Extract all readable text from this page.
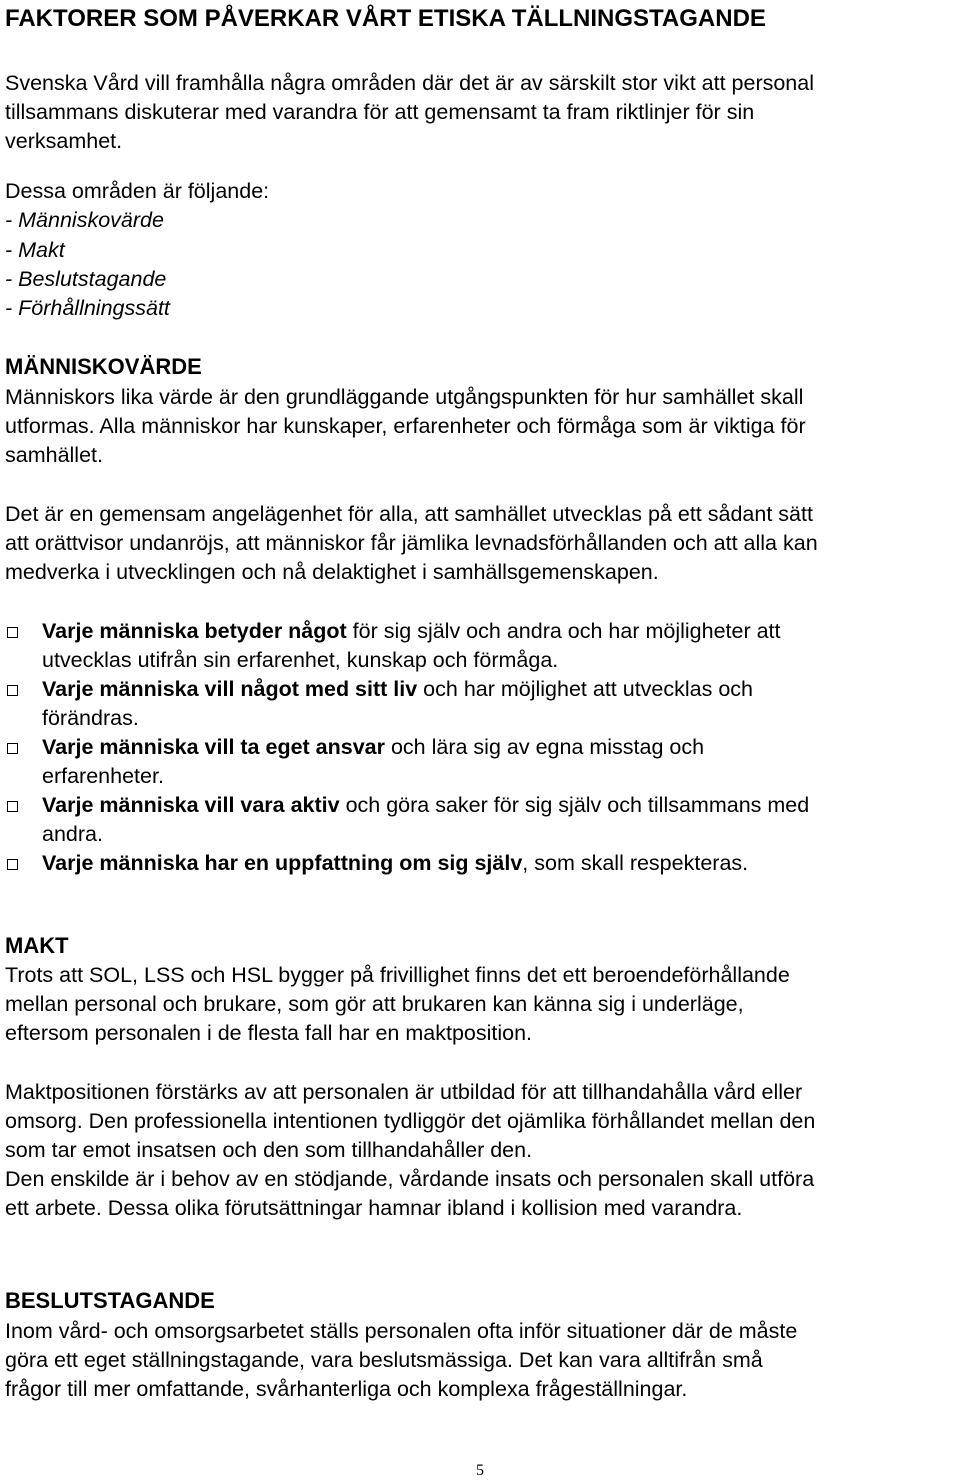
FAKTORER SOM PÅVERKAR VÅRT ETISKA TÄLLNINGSTAGANDE
Svenska Vård vill framhålla några områden där det är av särskilt stor vikt att personal
tillsammans diskuterar med varandra för att gemensamt ta fram riktlinjer för sin
verksamhet.
Dessa områden är följande:
- Människovärde
- Makt
- Beslutstagande
- Förhållningssätt
MÄNNISKOVÄRDE
Människors lika värde är den grundläggande utgångspunkten för hur samhället skall
utformas. Alla människor har kunskaper, erfarenheter och förmåga som är viktiga för
samhället.
Det är en gemensam angelägenhet för alla, att samhället utvecklas på ett sådant sätt
att orättvisor undanröjs, att människor får jämlika levnadsförhållanden och att alla kan
medverka i utvecklingen och nå delaktighet i samhällsgemenskapen.
Varje människa betyder något för sig själv och andra och har möjligheter att
utvecklas utifrån sin erfarenhet, kunskap och förmåga.
Varje människa vill något med sitt liv och har möjlighet att utvecklas och
förändras.
Varje människa vill ta eget ansvar och lära sig av egna misstag och
erfarenheter.
Varje människa vill vara aktiv och göra saker för sig själv och tillsammans med
andra.
Varje människa har en uppfattning om sig själv, som skall respekteras.
MAKT
Trots att SOL, LSS och HSL bygger på frivillighet finns det ett beroendeförhållande
mellan personal och brukare, som gör att brukaren kan känna sig i underläge,
eftersom personalen i de flesta fall har en maktposition.
Maktpositionen förstärks av att personalen är utbildad för att tillhandahålla vård eller
omsorg. Den professionella intentionen tydliggör det ojämlika förhållandet mellan den
som tar emot insatsen och den som tillhandahåller den.
Den enskilde är i behov av en stödjande, vårdande insats och personalen skall utföra
ett arbete. Dessa olika förutsättningar hamnar ibland i kollision med varandra.
BESLUTSTAGANDE
Inom vård- och omsorgsarbetet ställs personalen ofta inför situationer där de måste
göra ett eget ställningstagande, vara beslutsmässiga. Det kan vara alltifrån små
frågor till mer omfattande, svårhanterliga och komplexa frågeställningar.
5
